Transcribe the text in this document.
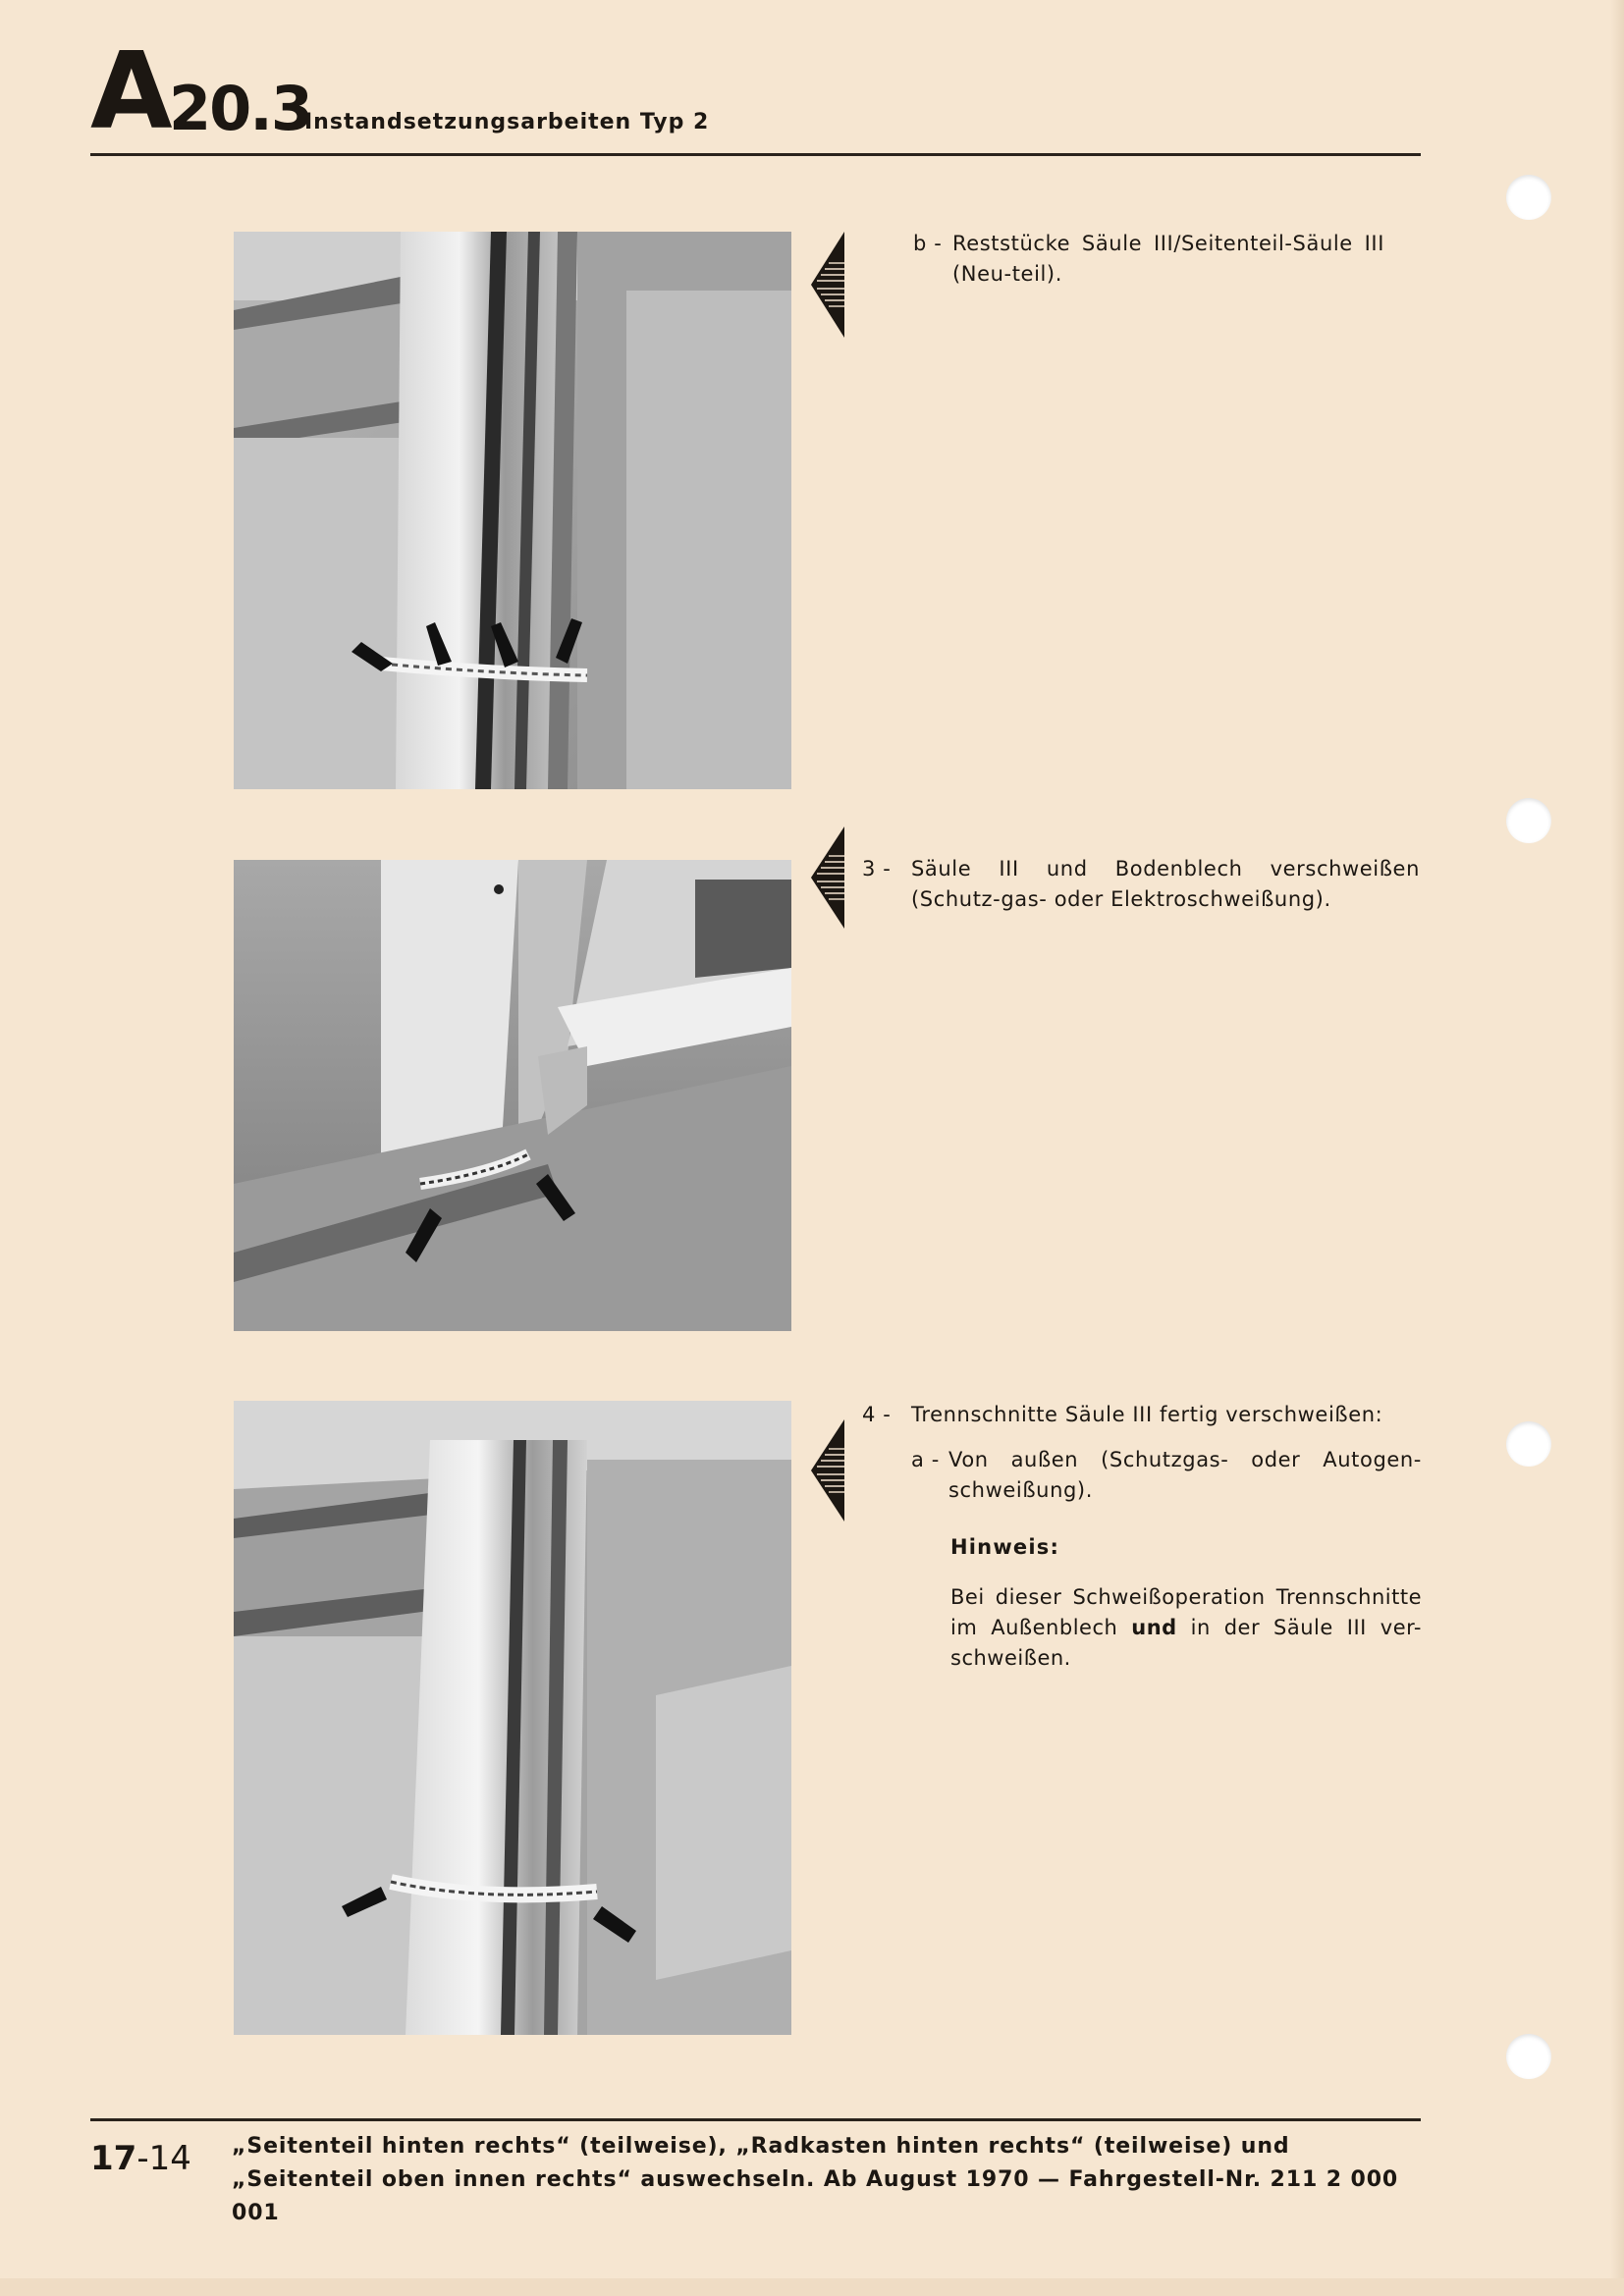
A 20.3
Instandsetzungsarbeiten Typ 2
b - Reststücke Säule III/Seitenteil-Säule III (Neu-teil).
3 - Säule III und Bodenblech verschweißen (Schutz-gas- oder Elektroschweißung).
4 - Trennschnitte Säule III fertig verschweißen:
a - Von außen (Schutzgas- oder Autogen-schweißung).
Hinweis:
Bei dieser Schweißoperation Trennschnitte im Außenblech und in der Säule III ver-schweißen.
17-14 „Seitenteil hinten rechts“ (teilweise), „Radkasten hinten rechts“ (teilweise) und
„Seitenteil oben innen rechts“ auswechseln. Ab August 1970 — Fahrgestell-Nr. 211 2 000 001
